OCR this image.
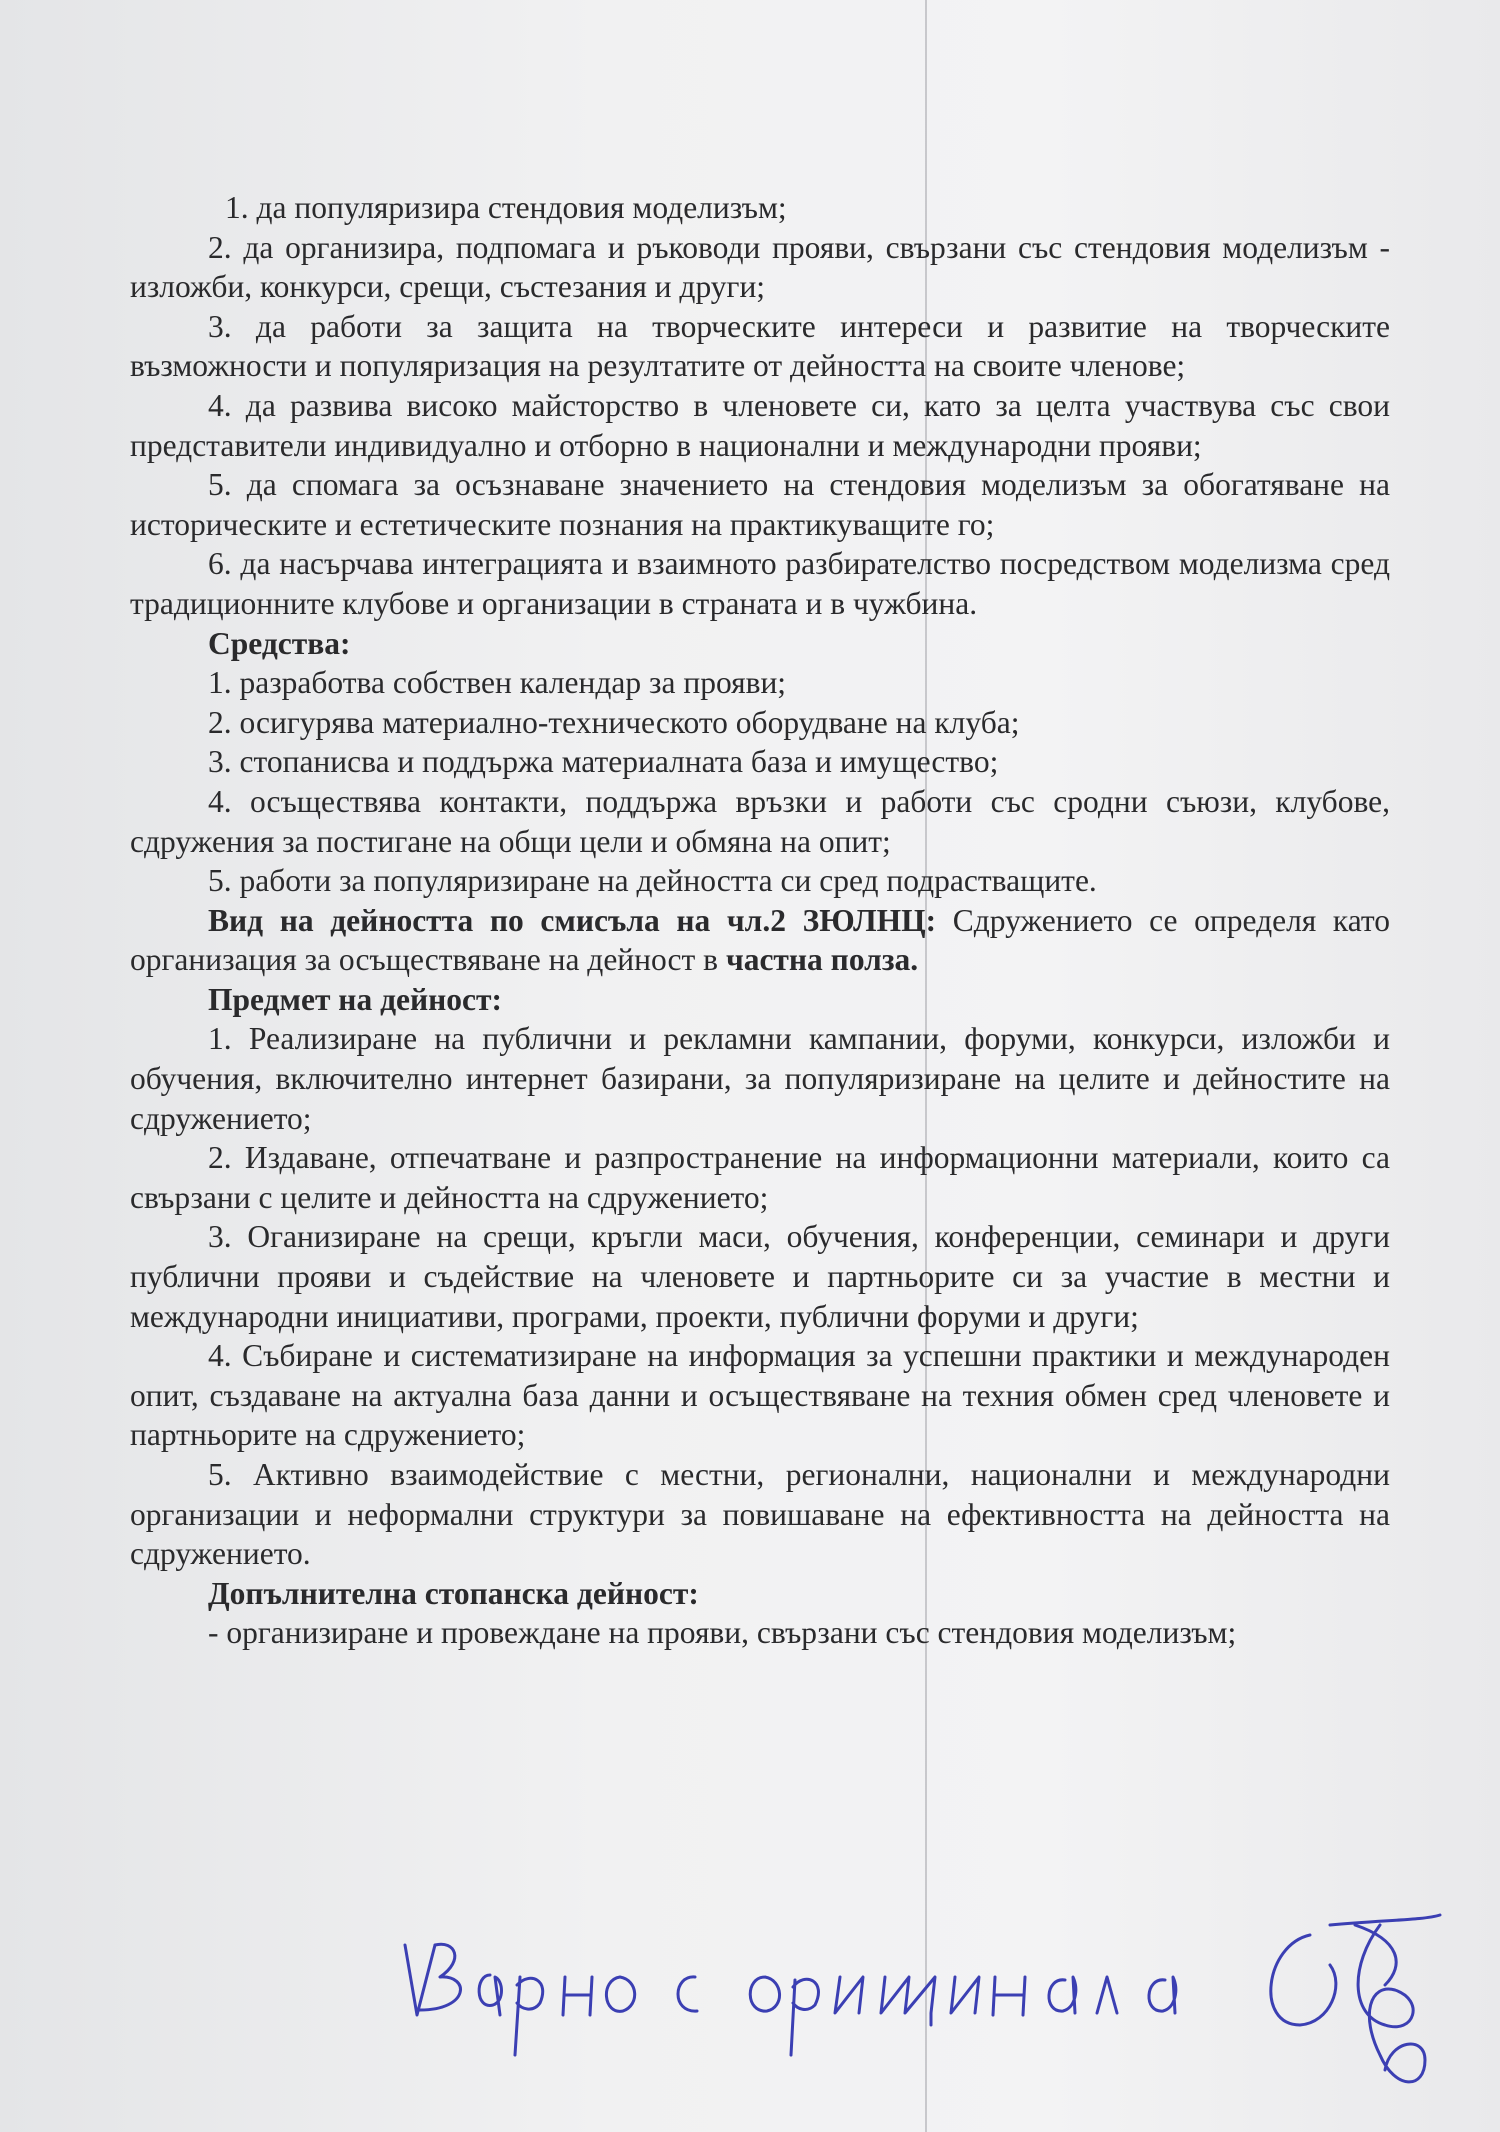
1. да популяризира стендовия моделизъм;

2. да организира, подпомага и ръководи прояви, свързани със стендовия моделизъм - изложби, конкурси, срещи, състезания и други;

3. да работи за защита на творческите интереси и развитие на творческите възможности и популяризация на резултатите от дейността на своите членове;

4. да развива високо майсторство в членовете си, като за целта участвува със свои представители индивидуално и отборно в национални и международни прояви;

5. да спомага за осъзнаване значението на стендовия моделизъм за обогатяване на историческите и естетическите познания на практикуващите го;

6. да насърчава интеграцията и взаимното разбирателство посредством моделизма сред традиционните клубове и организации в страната и в чужбина.

Средства:

1. разработва собствен календар за прояви;

2. осигурява материално-техническото оборудване на клуба;

3. стопанисва и поддържа материалната база и имущество;

4. осъществява контакти, поддържа връзки и работи със сродни съюзи, клубове, сдружения за постигане на общи цели и обмяна на опит;

5. работи за популяризиране на дейността си сред подрастващите.

Вид на дейността по смисъла на чл.2 ЗЮЛНЦ: Сдружението се определя като организация за осъществяване на дейност в частна полза.

Предмет на дейност:

1. Реализиране на публични и рекламни кампании, форуми, конкурси, изложби и обучения, включително интернет базирани, за популяризиране на целите и дейностите на сдружението;

2. Издаване, отпечатване и разпространение на информационни материали, които са свързани с целите и дейността на сдружението;

3. Оганизиране на срещи, кръгли маси, обучения, конференции, семинари и други публични прояви и съдействие на членовете и партньорите си за участие в местни и международни инициативи, програми, проекти, публични форуми и други;

4. Събиране и систематизиране на информация за успешни практики и международен опит, създаване на актуална база данни и осъществяване на техния обмен сред членовете и партньорите на сдружението;

5. Активно взаимодействие с местни, регионални, национални и международни организации и неформални структури за повишаване на ефективността на дейността на сдружението.

Допълнителна стопанска дейност:

- организиране и провеждане на прояви, свързани със стендовия моделизъм;
